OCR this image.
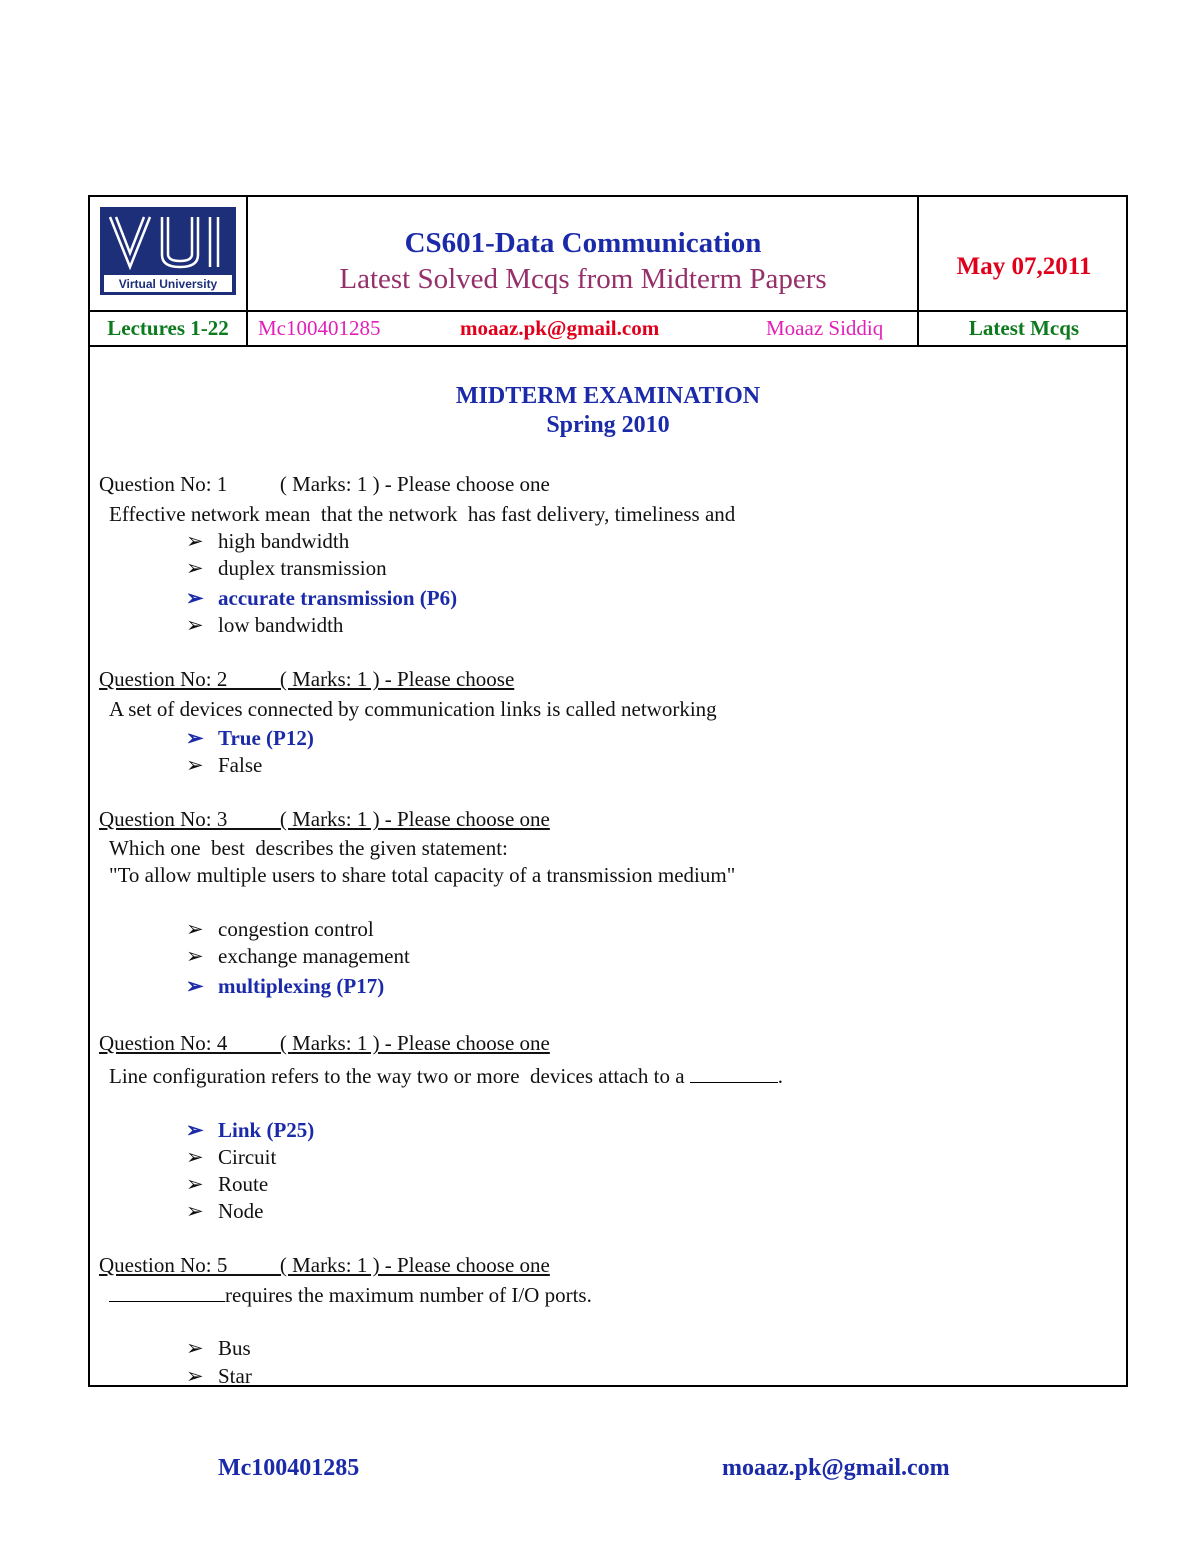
Virtual University
CS601-Data Communication
Latest Solved Mcqs from Midterm Papers	May 07,2011
Lectures 1-22	Mc100401285	moaaz.pk@gmail.com	Moaaz Siddiq	Latest Mcqs
MIDTERM EXAMINATION
Spring 2010
Question No: 1          ( Marks: 1 ) - Please choose one
Effective network mean  that the network  has fast delivery, timeliness and
➢ high bandwidth
➢ duplex transmission
➢ accurate transmission (P6)
➢ low bandwidth
Question No: 2          ( Marks: 1 ) - Please choose
A set of devices connected by communication links is called networking
➢ True (P12)
➢ False
Question No: 3          ( Marks: 1 ) - Please choose one
Which one  best  describes the given statement:
"To allow multiple users to share total capacity of a transmission medium"
➢ congestion control
➢ exchange management
➢ multiplexing (P17)
Question No: 4          ( Marks: 1 ) - Please choose one
Line configuration refers to the way two or more  devices attach to a	.
➢ Link (P25)
➢ Circuit
➢ Route
➢ Node
Question No: 5          ( Marks: 1 ) - Please choose one
requires the maximum number of I/O ports.
➢ Bus
➢ Star
Mc100401285	moaaz.pk@gmail.com
